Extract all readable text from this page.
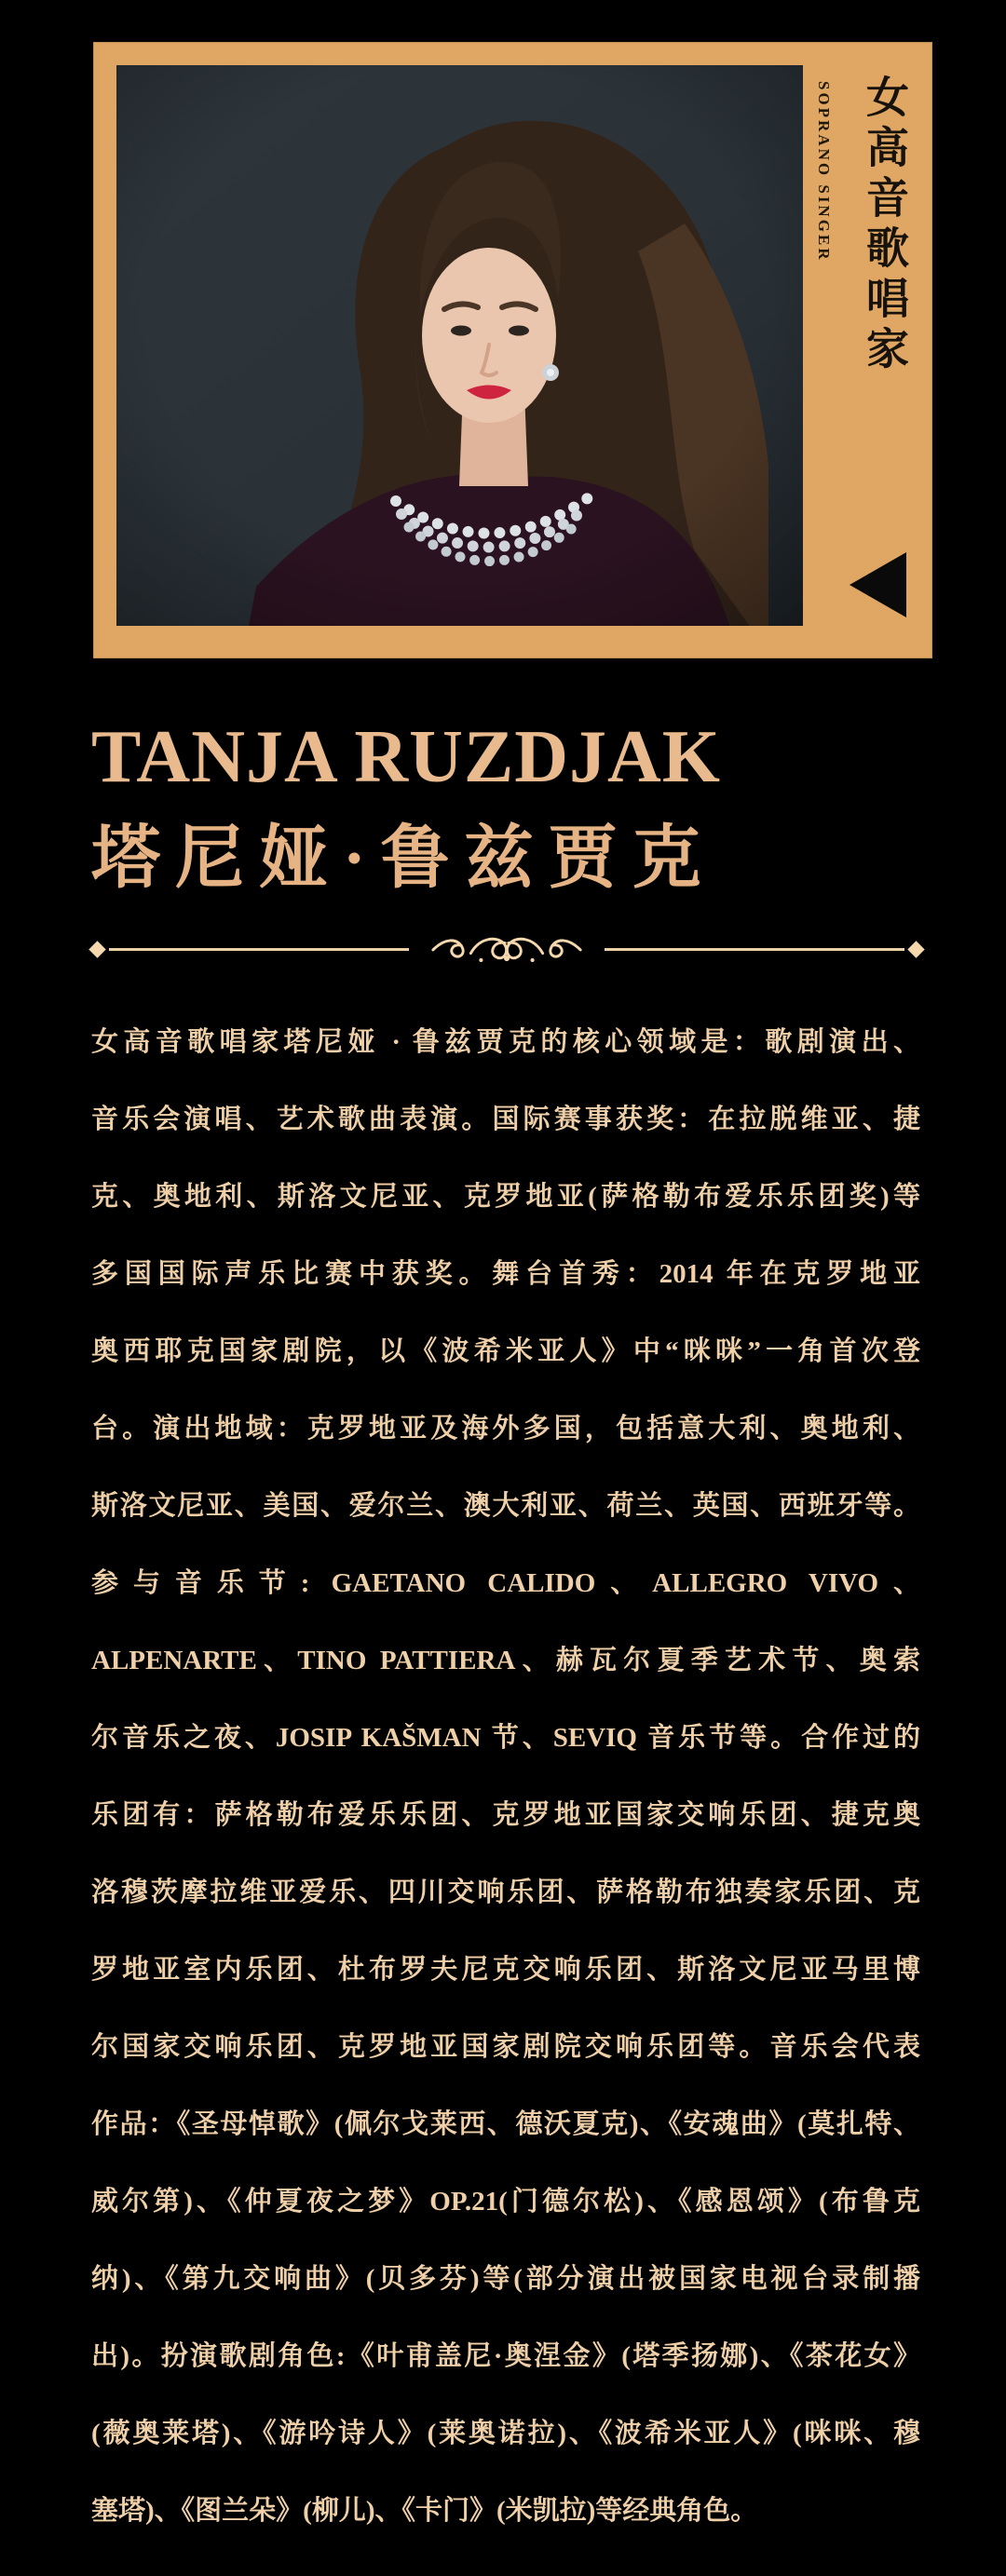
女高音歌唱家
SOPRANO SINGER
TANJA RUZDJAK
塔尼娅·鲁兹贾克
女高音歌唱家塔尼娅 · 鲁兹贾克的核心领域是：歌剧演出、
音乐会演唱、艺术歌曲表演。国际赛事获奖：在拉脱维亚、捷
克、奥地利、斯洛文尼亚、克罗地亚(萨格勒布爱乐乐团奖)等
多国国际声乐比赛中获奖。舞台首秀：2014 年在克罗地亚
奥西耶克国家剧院，以《波希米亚人》中“咪咪”一角首次登
台。演出地域：克罗地亚及海外多国，包括意大利、奥地利、
斯洛文尼亚、美国、爱尔兰、澳大利亚、荷兰、英国、西班牙等。
参与音乐节: GAETANO CALIDO、ALLEGRO VIVO、
ALPENARTE、TINO PATTIERA、赫瓦尔夏季艺术节、奥索
尔音乐之夜、JOSIP KAŠMAN 节、SEVIQ 音乐节等。合作过的
乐团有：萨格勒布爱乐乐团、克罗地亚国家交响乐团、捷克奥
洛穆茨摩拉维亚爱乐、四川交响乐团、萨格勒布独奏家乐团、克
罗地亚室内乐团、杜布罗夫尼克交响乐团、斯洛文尼亚马里博
尔国家交响乐团、克罗地亚国家剧院交响乐团等。音乐会代表
作品：《圣母悼歌》(佩尔戈莱西、德沃夏克)、《安魂曲》(莫扎特、
威尔第)、《仲夏夜之梦》OP.21(门德尔松)、《感恩颂》(布鲁克
纳)、《第九交响曲》(贝多芬)等(部分演出被国家电视台录制播
出)。扮演歌剧角色:《叶甫盖尼·奥涅金》(塔季扬娜)、《茶花女》
(薇奥莱塔)、《游吟诗人》(莱奥诺拉)、《波希米亚人》(咪咪、穆
塞塔)、《图兰朵》(柳儿)、《卡门》(米凯拉)等经典角色。
